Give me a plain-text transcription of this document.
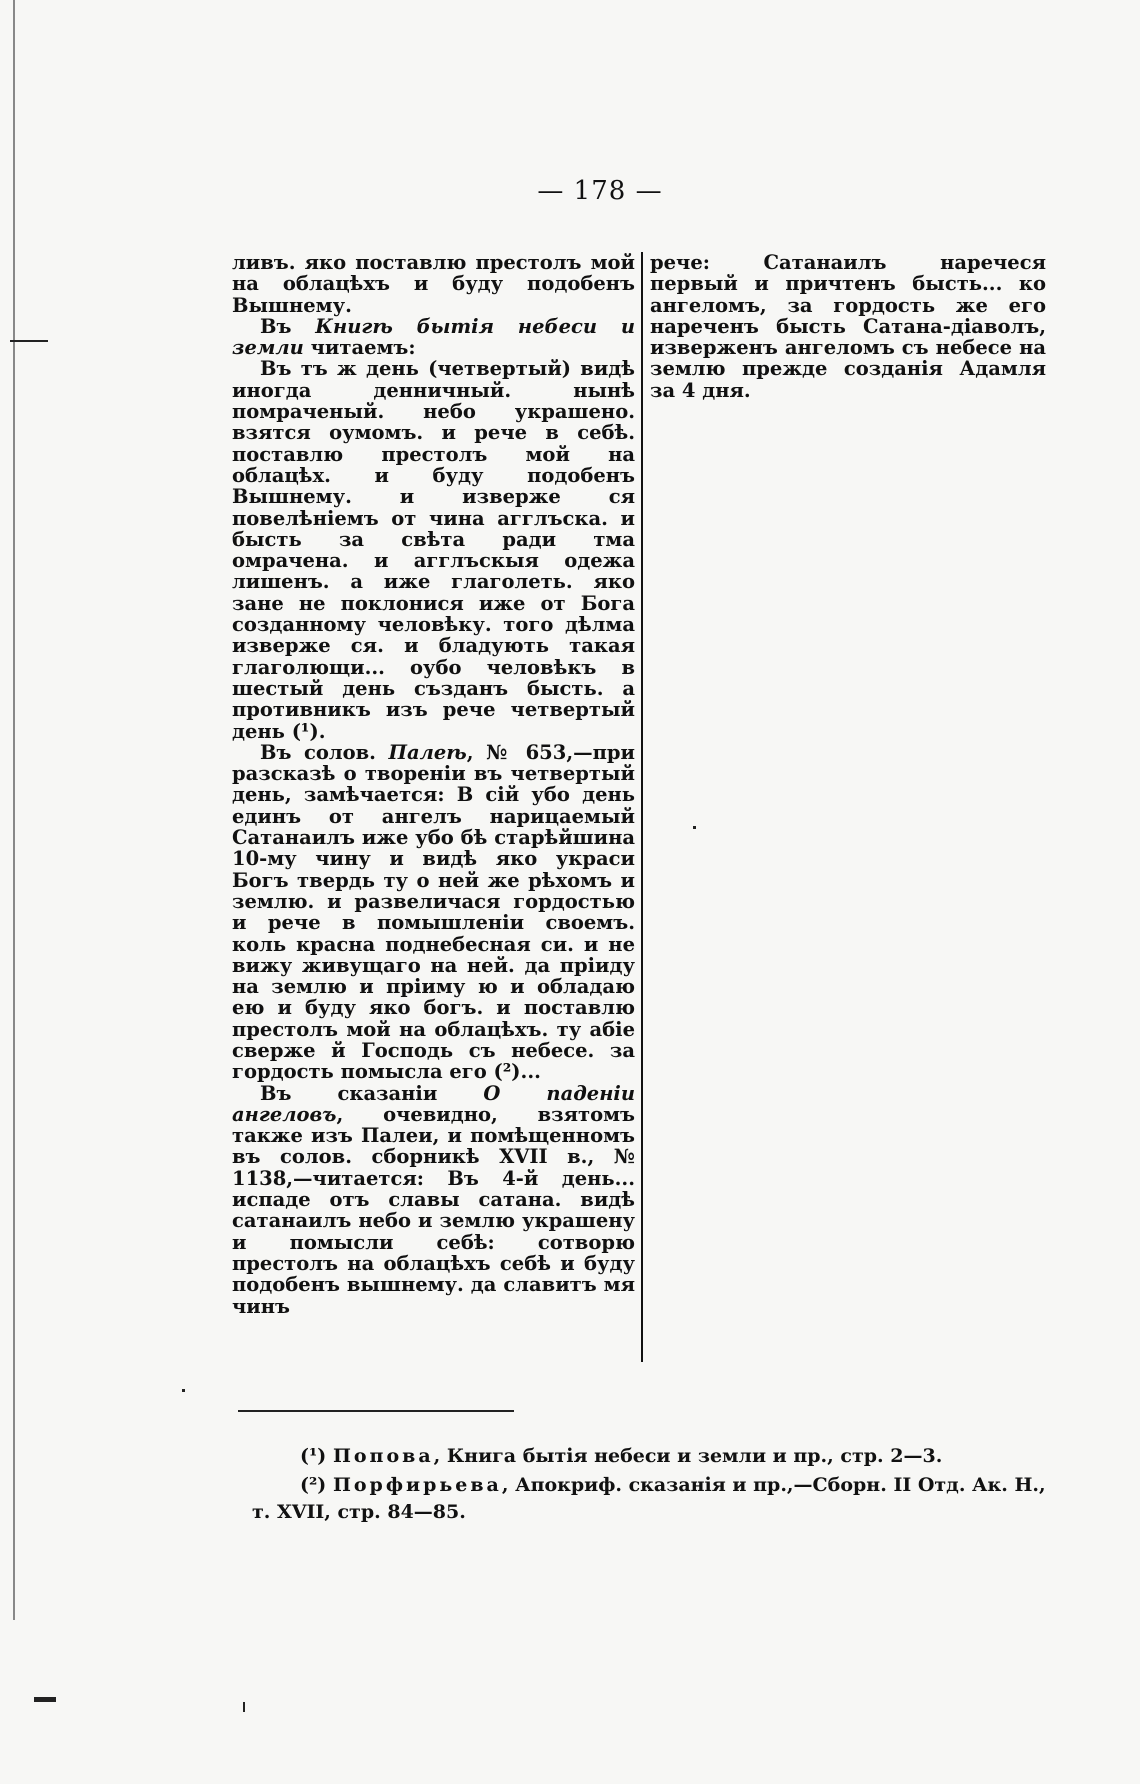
— 178 —

ливъ. яко поставлю престолъ мой на облацѣхъ и буду подобенъ Вышнему.

Въ Книгѣ бытія небеси и земли читаемъ:

Въ тъ ж день (четвертый) видѣ иногда денничный. нынѣ помраченый. небо украшено. взятся оумомъ. и рече в себѣ. поставлю престолъ мой на облацѣх. и буду подобенъ Вышнему. и изверже ся повелѣніемъ от чина агглъска. и бысть за свѣта ради тма омрачена. и агглъскыя одежа лишенъ. а иже глаголеть. яко зане не поклонися иже от Бога созданному человѣку. того дѣлма изверже ся. и бладують такая глаголющи... оубо человѣкъ в шестый день създанъ бысть. а противникъ изъ рече четвертый день (¹).

Въ солов. Палеѣ, № 653,—при разсказѣ о твореніи въ четвертый день, замѣчается: В сій убо день единъ от ангелъ нарицаемый Сатанаилъ иже убо бѣ старѣйшина 10-му чину и видѣ яко украси Богъ твердь ту о ней же рѣхомъ и землю. и развеличася гордостью и рече в помышленіи своемъ. коль красна поднебесная си. и не вижу живущаго на ней. да пріиду на землю и пріиму ю и обладаю ею и буду яко богъ. и поставлю престолъ мой на облацѣхъ. ту абіе сверже й Господь съ небесе. за гордость помысла его (²)...

Въ сказаніи О паденіи ангеловъ, очевидно, взятомъ также изъ Палеи, и помѣщенномъ въ солов. сборникѣ XVII в., № 1138,—читается: Въ 4-й день... испаде отъ славы сатана. видѣ сатанаилъ небо и землю украшену и помысли себѣ: сотворю престолъ на облацѣхъ себѣ и буду подобенъ вышнему. да славитъ мя чинъ

рече: Сатанаилъ наречеся первый и причтенъ бысть... ко ангеломъ, за гордость же его нареченъ бысть Сатана-діаволъ, изверженъ ангеломъ съ небесе на землю прежде созданія Адамля за 4 дня.

(¹) Попова, Книга бытія небеси и земли и пр., стр. 2—3.

(²) Порфирьева, Апокриф. сказанія и пр.,—Сборн. II Отд. Ак. Н., т. XVII, стр. 84—85.
